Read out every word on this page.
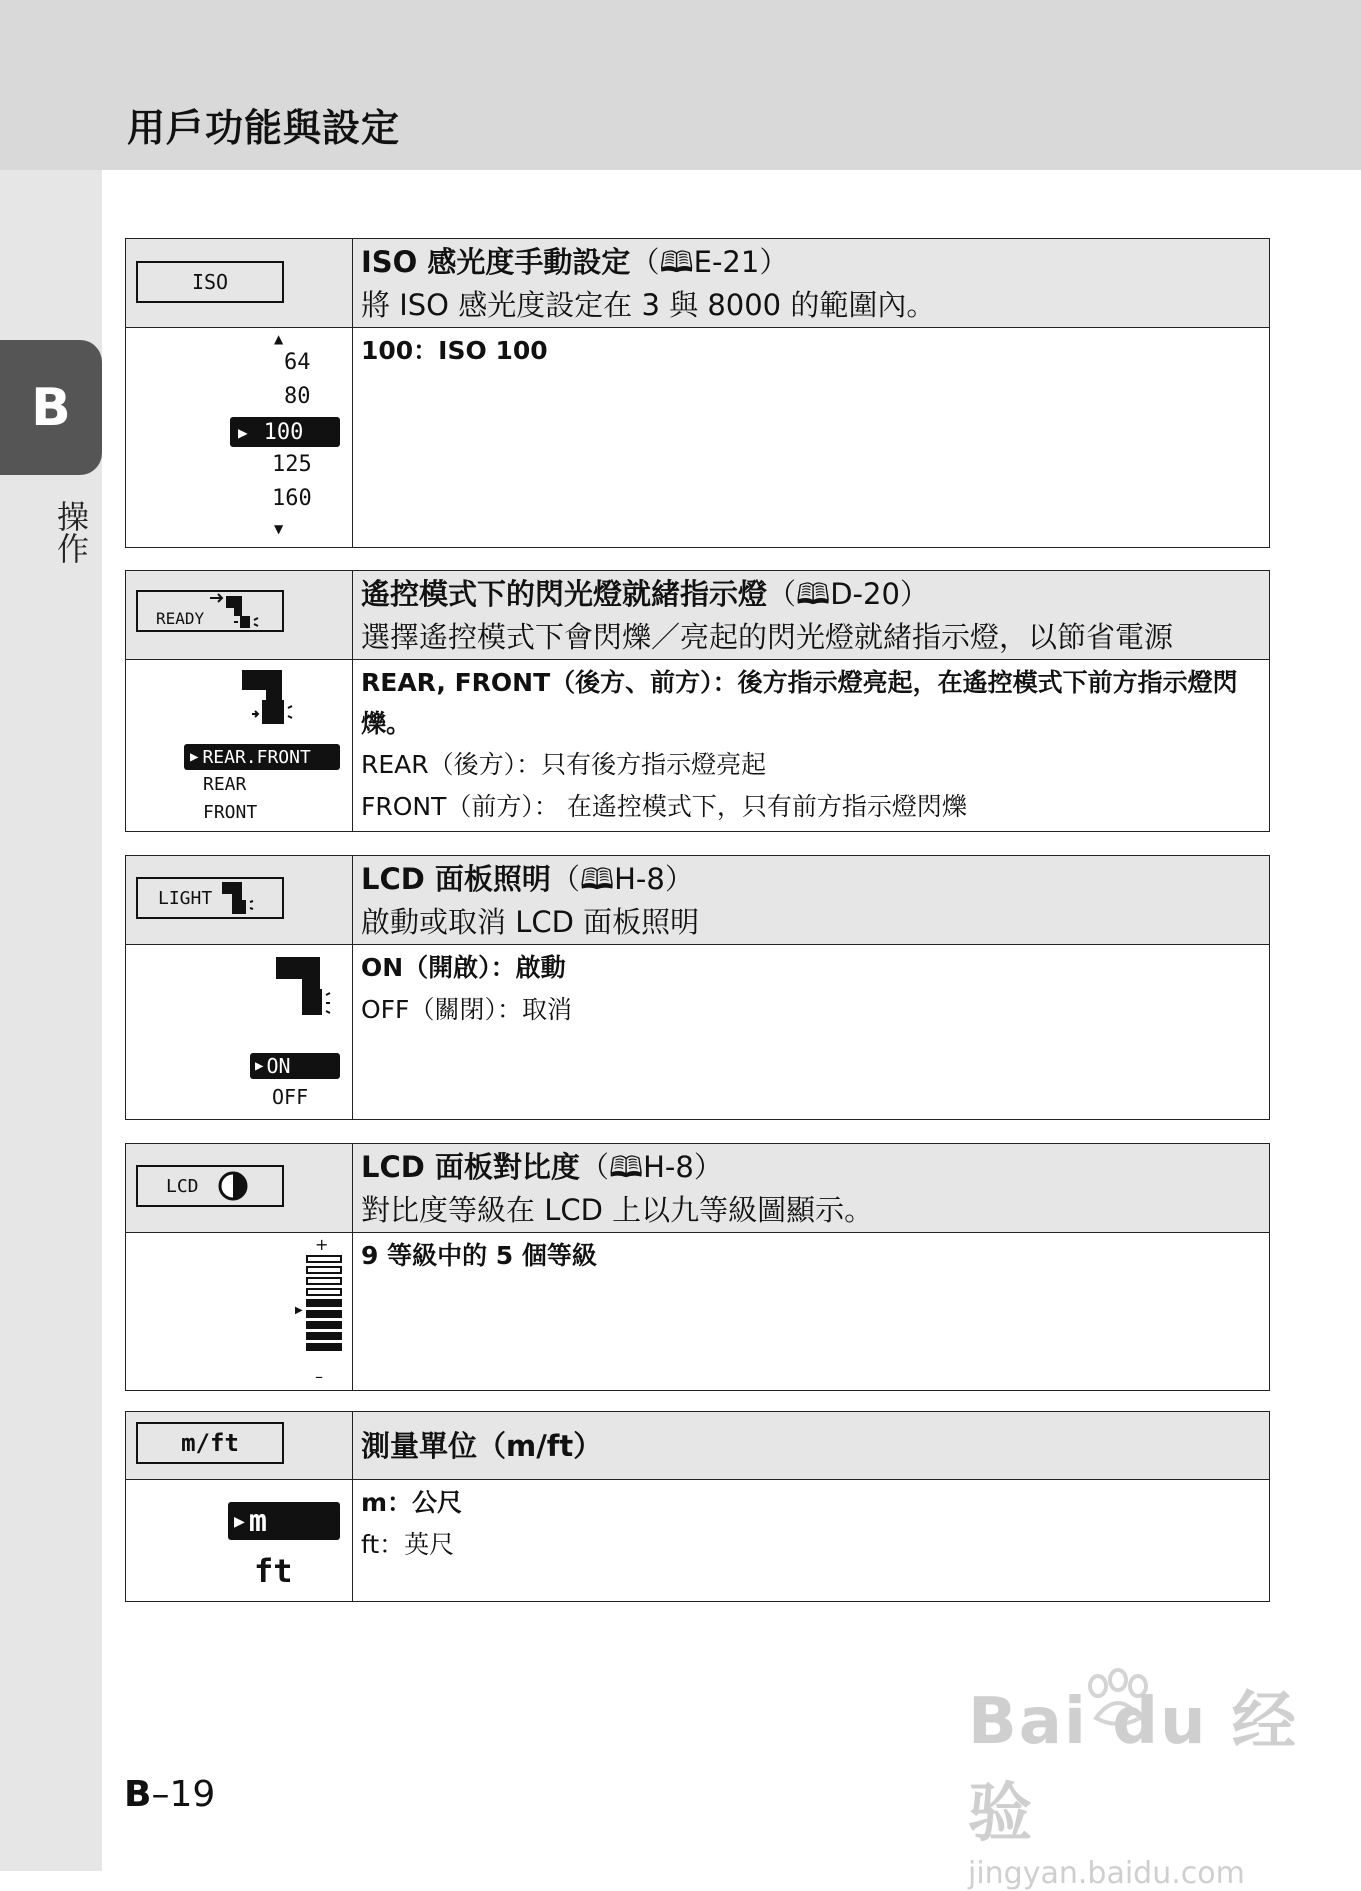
用戶功能與設定
B
操作
ISO
ISO 感光度手動設定（🕮E-21）
將 ISO 感光度設定在 3 與 8000 的範圍內。
▲
64
80
▶ 100
125
160
▼
100：ISO 100
READY
遙控模式下的閃光燈就緒指示燈（🕮D-20）
選擇遙控模式下會閃爍／亮起的閃光燈就緒指示燈，以節省電源
▶ REAR.FRONT
REAR
FRONT
REAR, FRONT（後方、前方）：後方指示燈亮起，在遙控模式下前方指示燈閃爍。
REAR（後方）：只有後方指示燈亮起
FRONT（前方）： 在遙控模式下，只有前方指示燈閃爍
LIGHT
LCD 面板照明（🕮H-8）
啟動或取消 LCD 面板照明
▶ ON
OFF
ON（開啟）：啟動
OFF（關閉）：取消
LCD
LCD 面板對比度（🕮H-8）
對比度等級在 LCD 上以九等級圖顯示。
+
▶
–
9 等級中的 5 個等級
m/ft	測量單位（m/ft）
▶ m
ft
m：公尺
ft：英尺
B–19
Bai du 经验
jingyan.baidu.com
